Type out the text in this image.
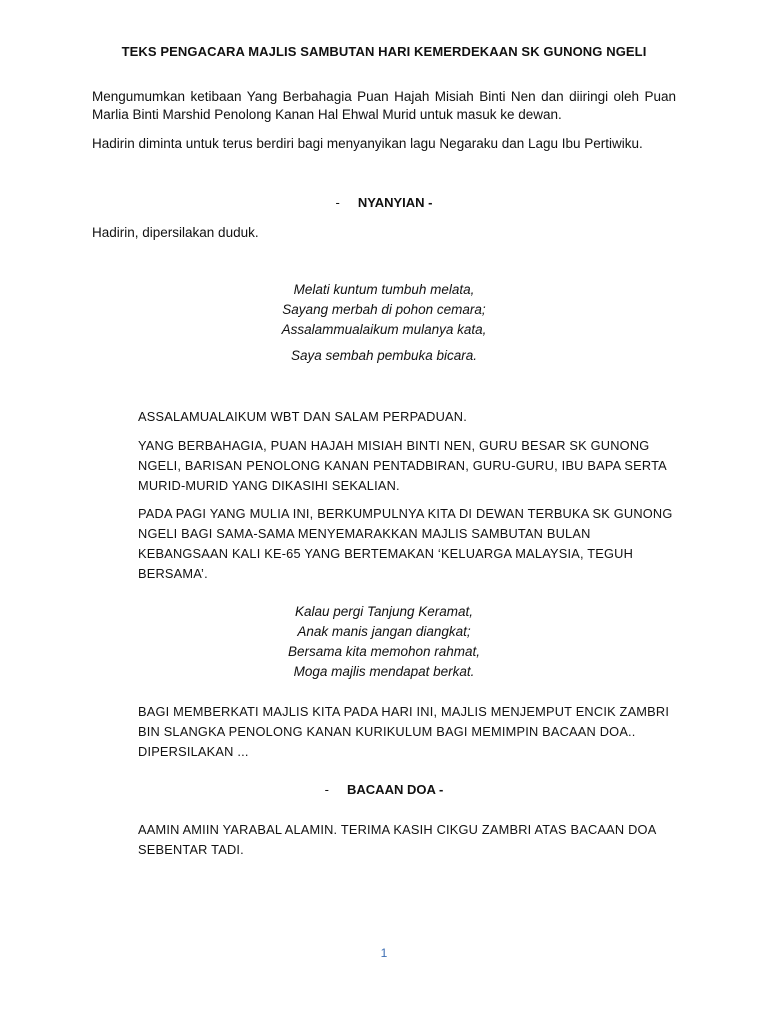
TEKS PENGACARA MAJLIS SAMBUTAN HARI KEMERDEKAAN SK GUNONG NGELI
Mengumumkan ketibaan Yang Berbahagia Puan Hajah Misiah Binti Nen dan diiringi oleh Puan Marlia Binti Marshid Penolong Kanan Hal Ehwal Murid untuk masuk ke dewan.
Hadirin diminta untuk terus berdiri bagi menyanyikan lagu Negaraku dan Lagu Ibu Pertiwiku.
- NYANYIAN -
Hadirin, dipersilakan duduk.
Melati kuntum tumbuh melata,
Sayang merbah di pohon cemara;
Assalammualaikum mulanya kata,
Saya sembah pembuka bicara.
ASSALAMUALAIKUM WBT DAN SALAM PERPADUAN.
YANG BERBAHAGIA, PUAN HAJAH MISIAH BINTI NEN, GURU BESAR SK GUNONG NGELI, BARISAN PENOLONG KANAN PENTADBIRAN, GURU-GURU, IBU BAPA SERTA MURID-MURID YANG DIKASIHI SEKALIAN.
PADA PAGI YANG MULIA INI, BERKUMPULNYA KITA DI DEWAN TERBUKA SK GUNONG NGELI BAGI SAMA-SAMA MENYEMARAKKAN MAJLIS SAMBUTAN BULAN KEBANGSAAN KALI KE-65 YANG BERTEMAKAN ‘KELUARGA MALAYSIA, TEGUH BERSAMA’.
Kalau pergi Tanjung Keramat,
Anak manis jangan diangkat;
Bersama kita memohon rahmat,
Moga majlis mendapat berkat.
BAGI MEMBERKATI MAJLIS KITA PADA HARI INI, MAJLIS MENJEMPUT ENCIK ZAMBRI BIN SLANGKA PENOLONG KANAN KURIKULUM BAGI MEMIMPIN BACAAN DOA.. DIPERSILAKAN ...
- BACAAN DOA -
AAMIN AMIIN YARABAL ALAMIN. TERIMA KASIH CIKGU ZAMBRI ATAS BACAAN DOA SEBENTAR TADI.
1
